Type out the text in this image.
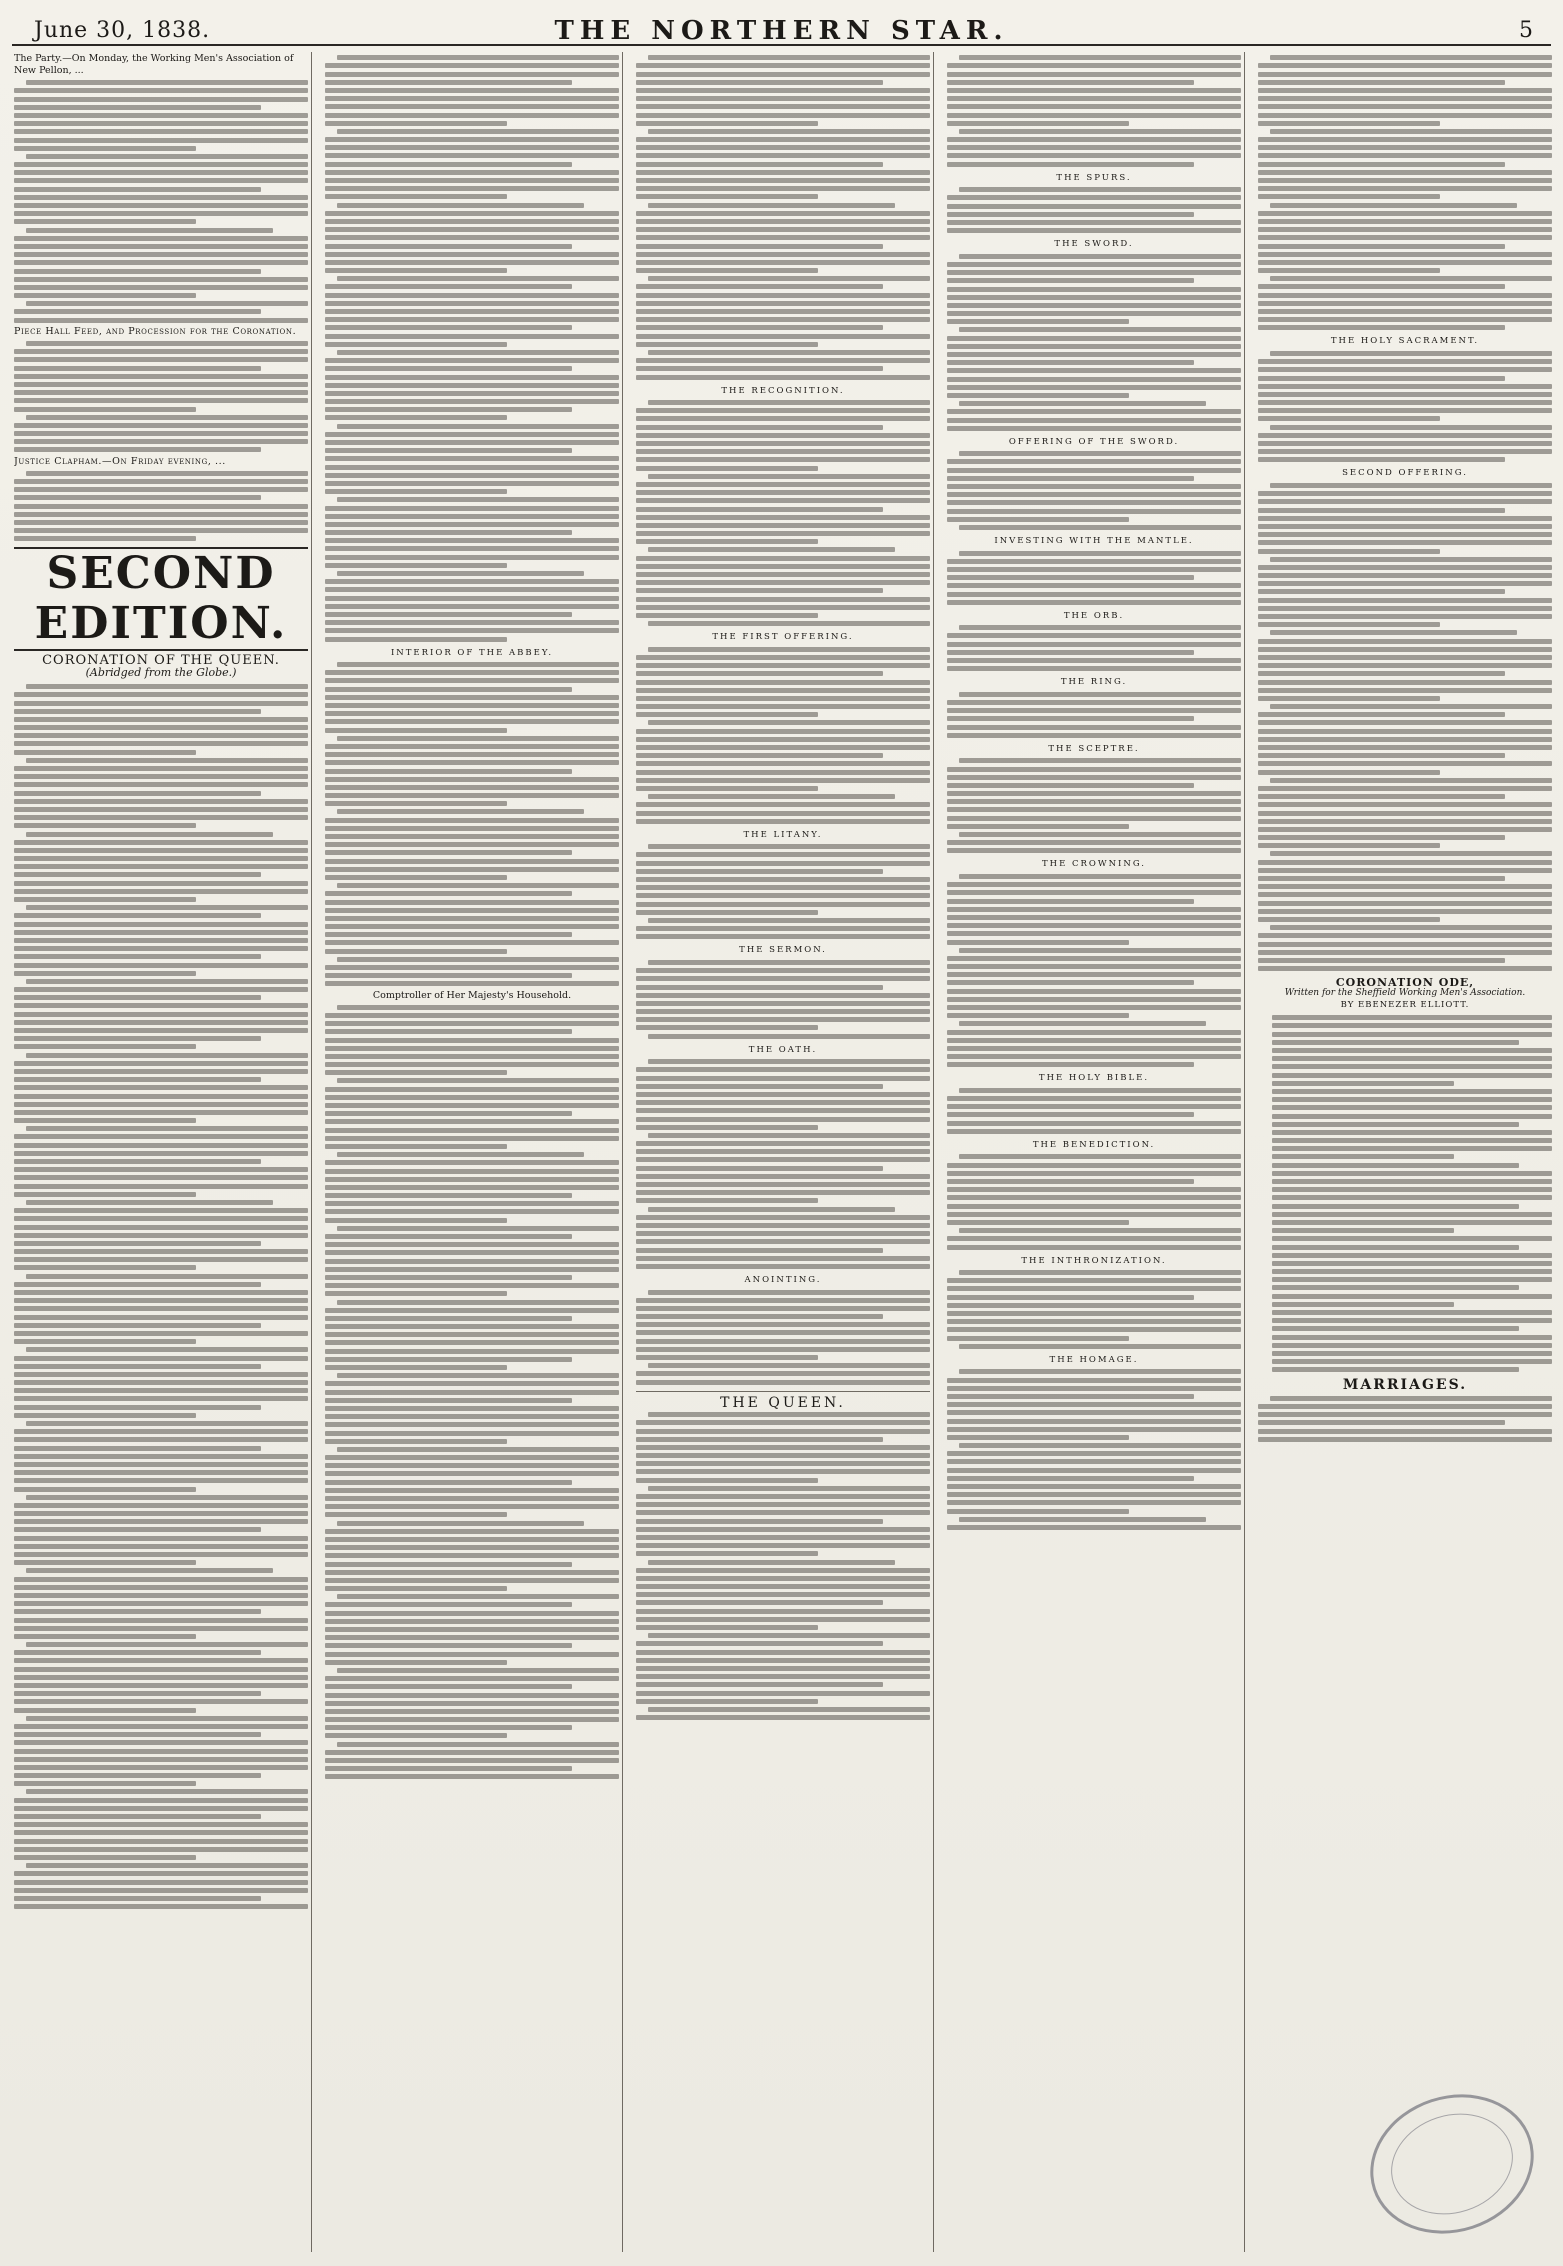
June 30, 1838.	THE NORTHERN STAR.	5
The Party.—On Monday, the Working Men's Association of New Pellon, ...
Piece Hall Feed, and Procession for the Coronation.
Justice Clapham.—On Friday evening, ...
SECOND EDITION.
CORONATION OF THE QUEEN.
(Abridged from the Globe.)
INTERIOR OF THE ABBEY.
Comptroller of Her Majesty's Household.
THE RECOGNITION.
THE FIRST OFFERING.
THE LITANY.
THE SERMON.
THE OATH.
ANOINTING.
THE QUEEN.
THE SPURS.
THE SWORD.
OFFERING OF THE SWORD.
INVESTING WITH THE MANTLE.
THE ORB.
THE RING.
THE SCEPTRE.
THE CROWNING.
THE HOLY BIBLE.
THE BENEDICTION.
THE INTHRONIZATION.
THE HOMAGE.
THE HOLY SACRAMENT.
SECOND OFFERING.
CORONATION ODE,
Written for the Sheffield Working Men's Association.
BY EBENEZER ELLIOTT.
MARRIAGES.
